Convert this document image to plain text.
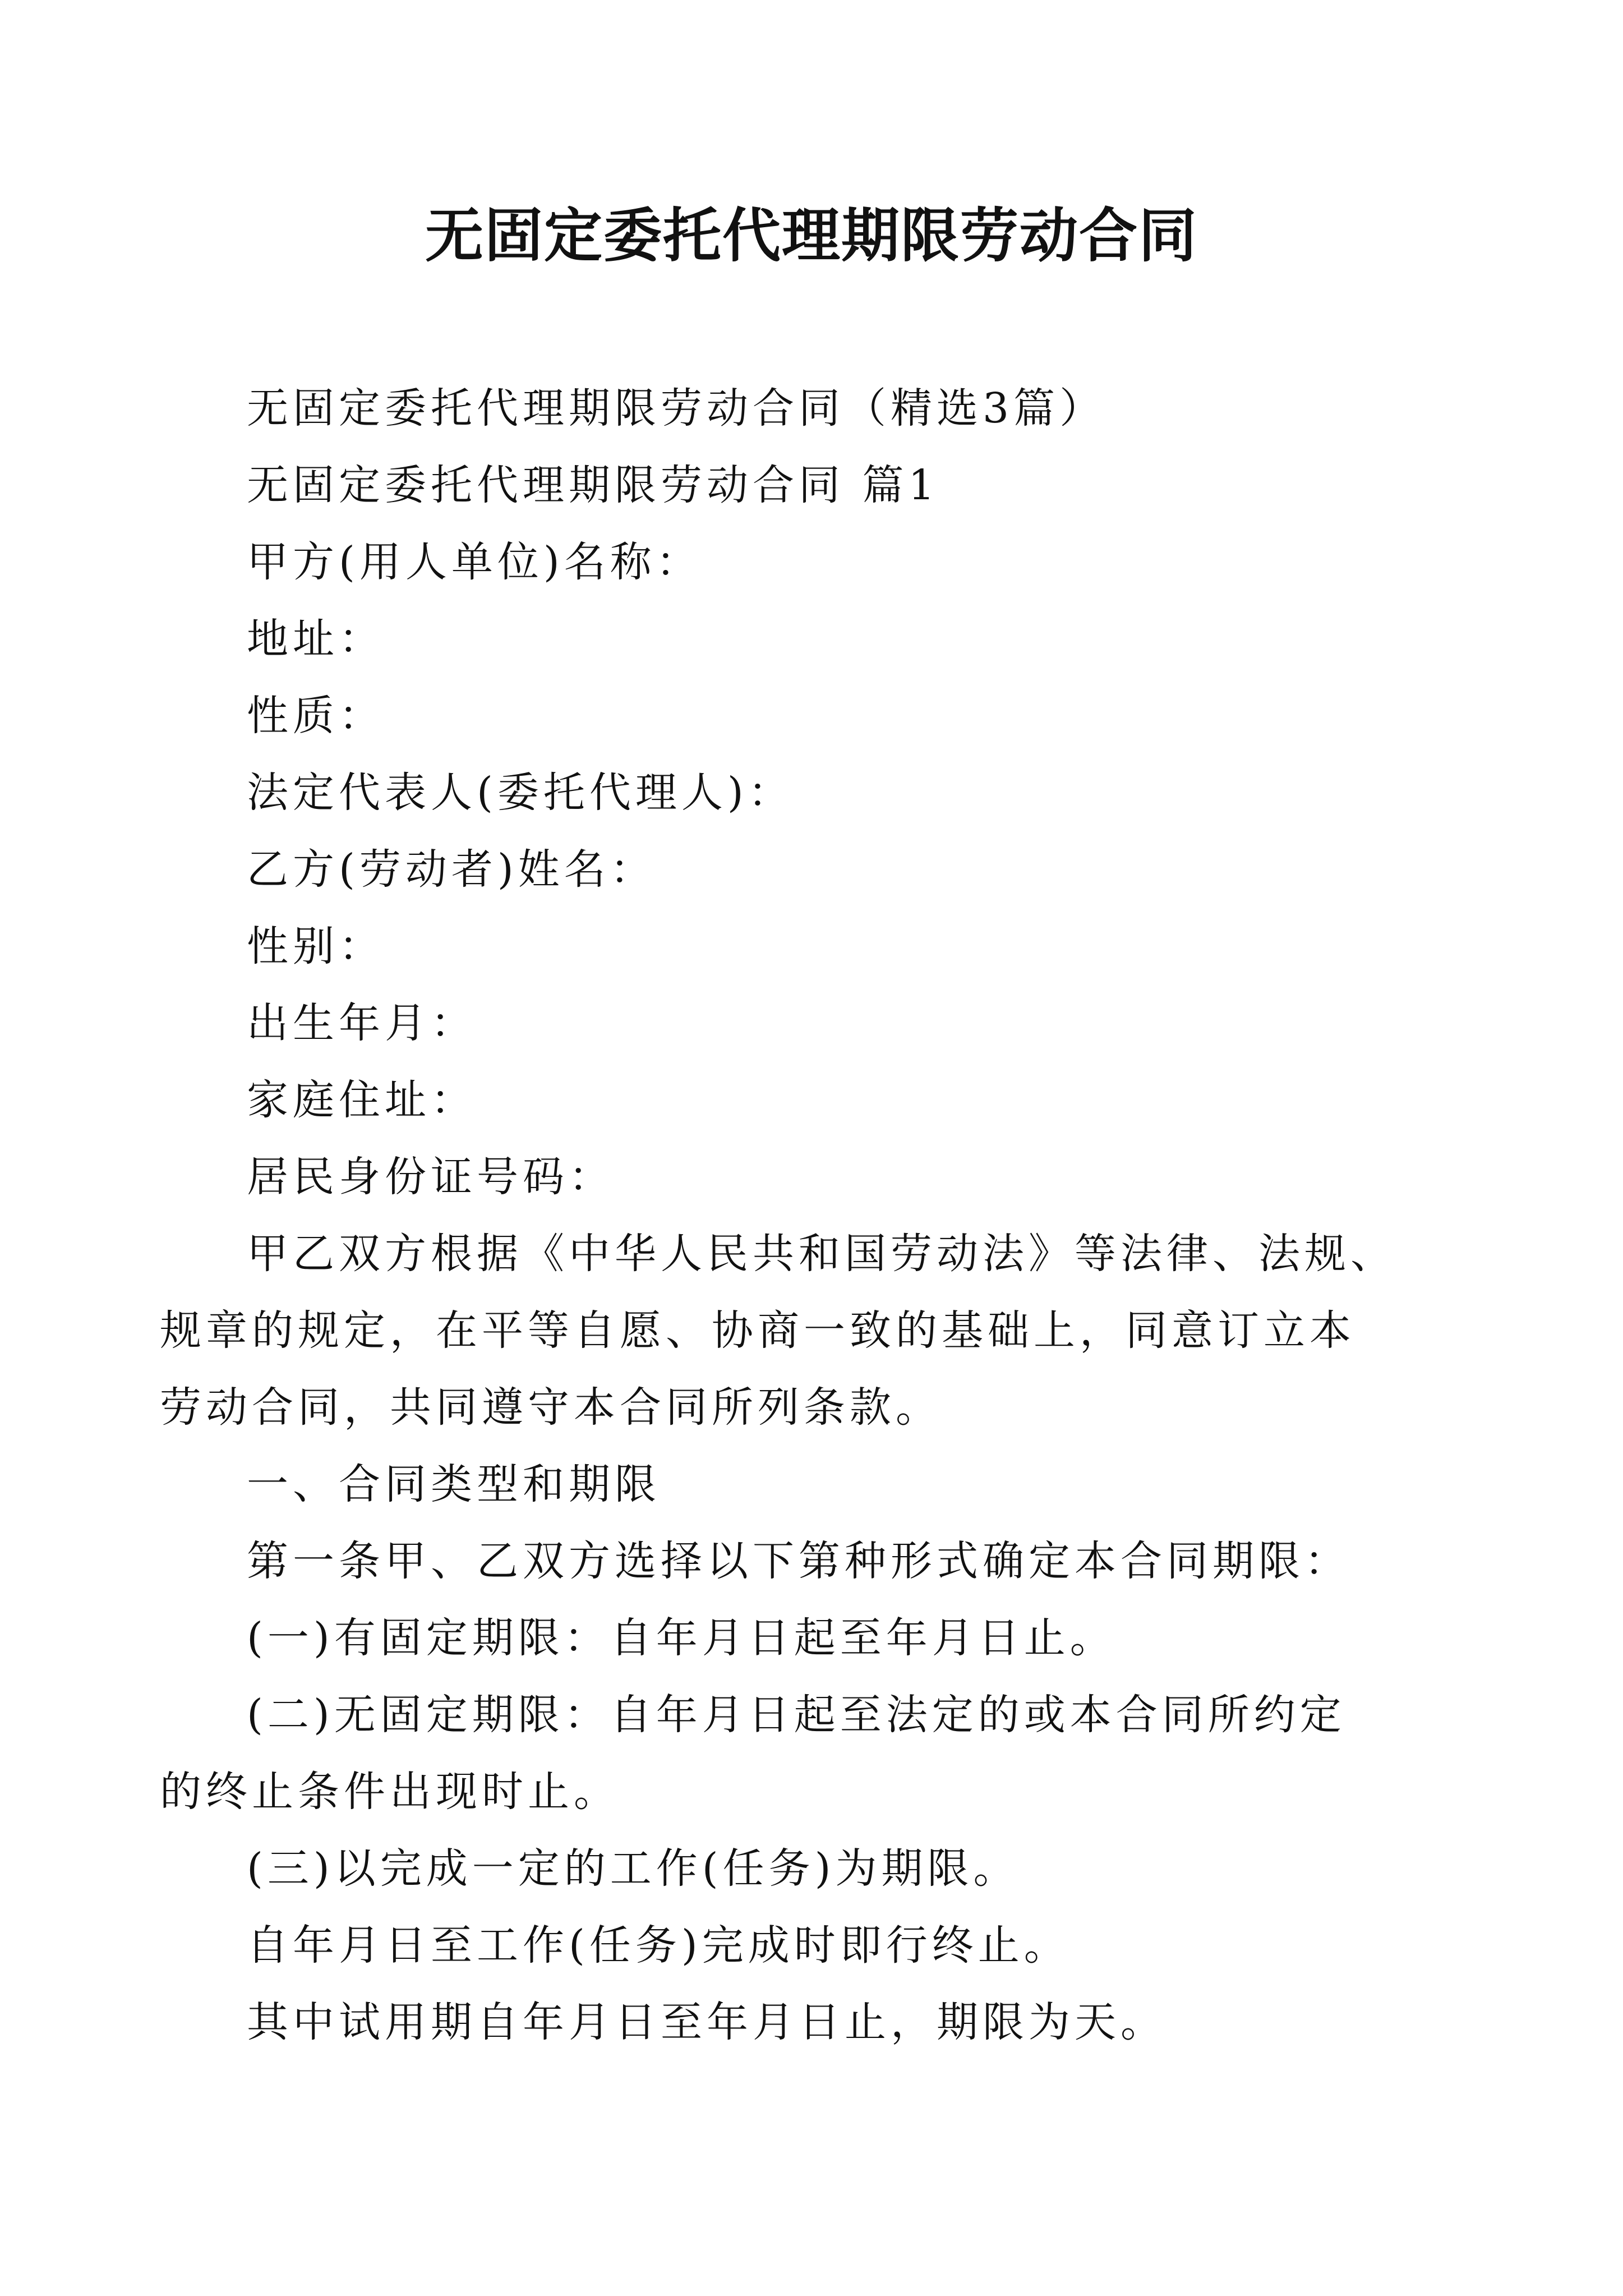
无固定委托代理期限劳动合同

无固定委托代理期限劳动合同（精选3篇）

无固定委托代理期限劳动合同 篇1

甲方(用人单位)名称：

地址：

性质：

法定代表人(委托代理人)：

乙方(劳动者)姓名：

性别：

出生年月：

家庭住址：

居民身份证号码：

甲乙双方根据《中华人民共和国劳动法》等法律、法规、
规章的规定，在平等自愿、协商一致的基础上，同意订立本
劳动合同，共同遵守本合同所列条款。

一、合同类型和期限

第一条甲、乙双方选择以下第种形式确定本合同期限：

(一)有固定期限：自年月日起至年月日止。

(二)无固定期限：自年月日起至法定的或本合同所约定
的终止条件出现时止。

(三)以完成一定的工作(任务)为期限。

自年月日至工作(任务)完成时即行终止。

其中试用期自年月日至年月日止，期限为天。
